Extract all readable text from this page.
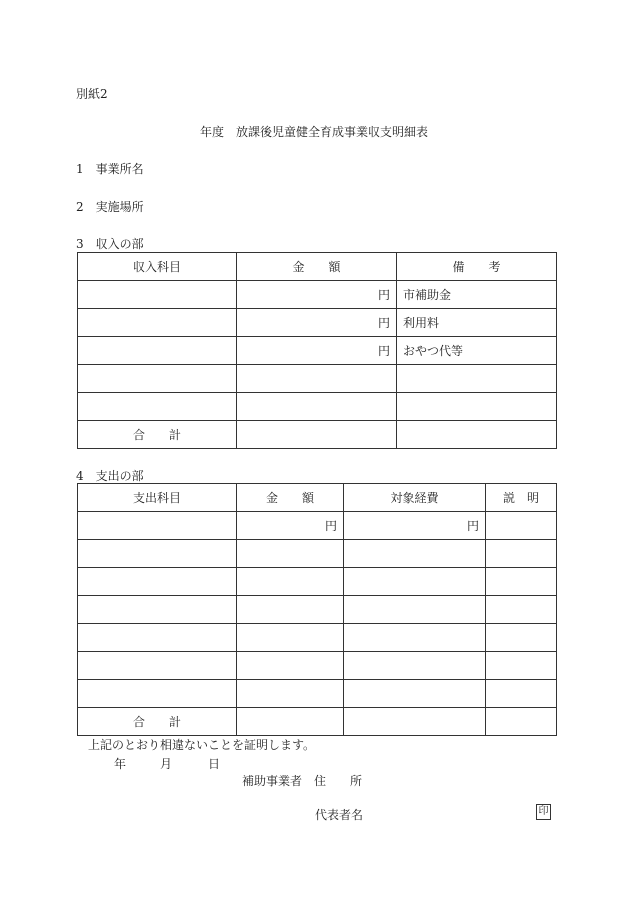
別紙2
年度　放課後児童健全育成事業収支明細表
1　事業所名
2　実施場所
3　収入の部
収入科目	金　　額	備　　考
	円	市補助金
	円	利用料
	円	おやつ代等

合　　計		
4　支出の部
支出科目	金　　額	対象経費	説　明
	円	円	

合　　計			
上記のとおり相違ないことを証明します。
年	月	日
補助事業者　住　　所
代表者名	印
